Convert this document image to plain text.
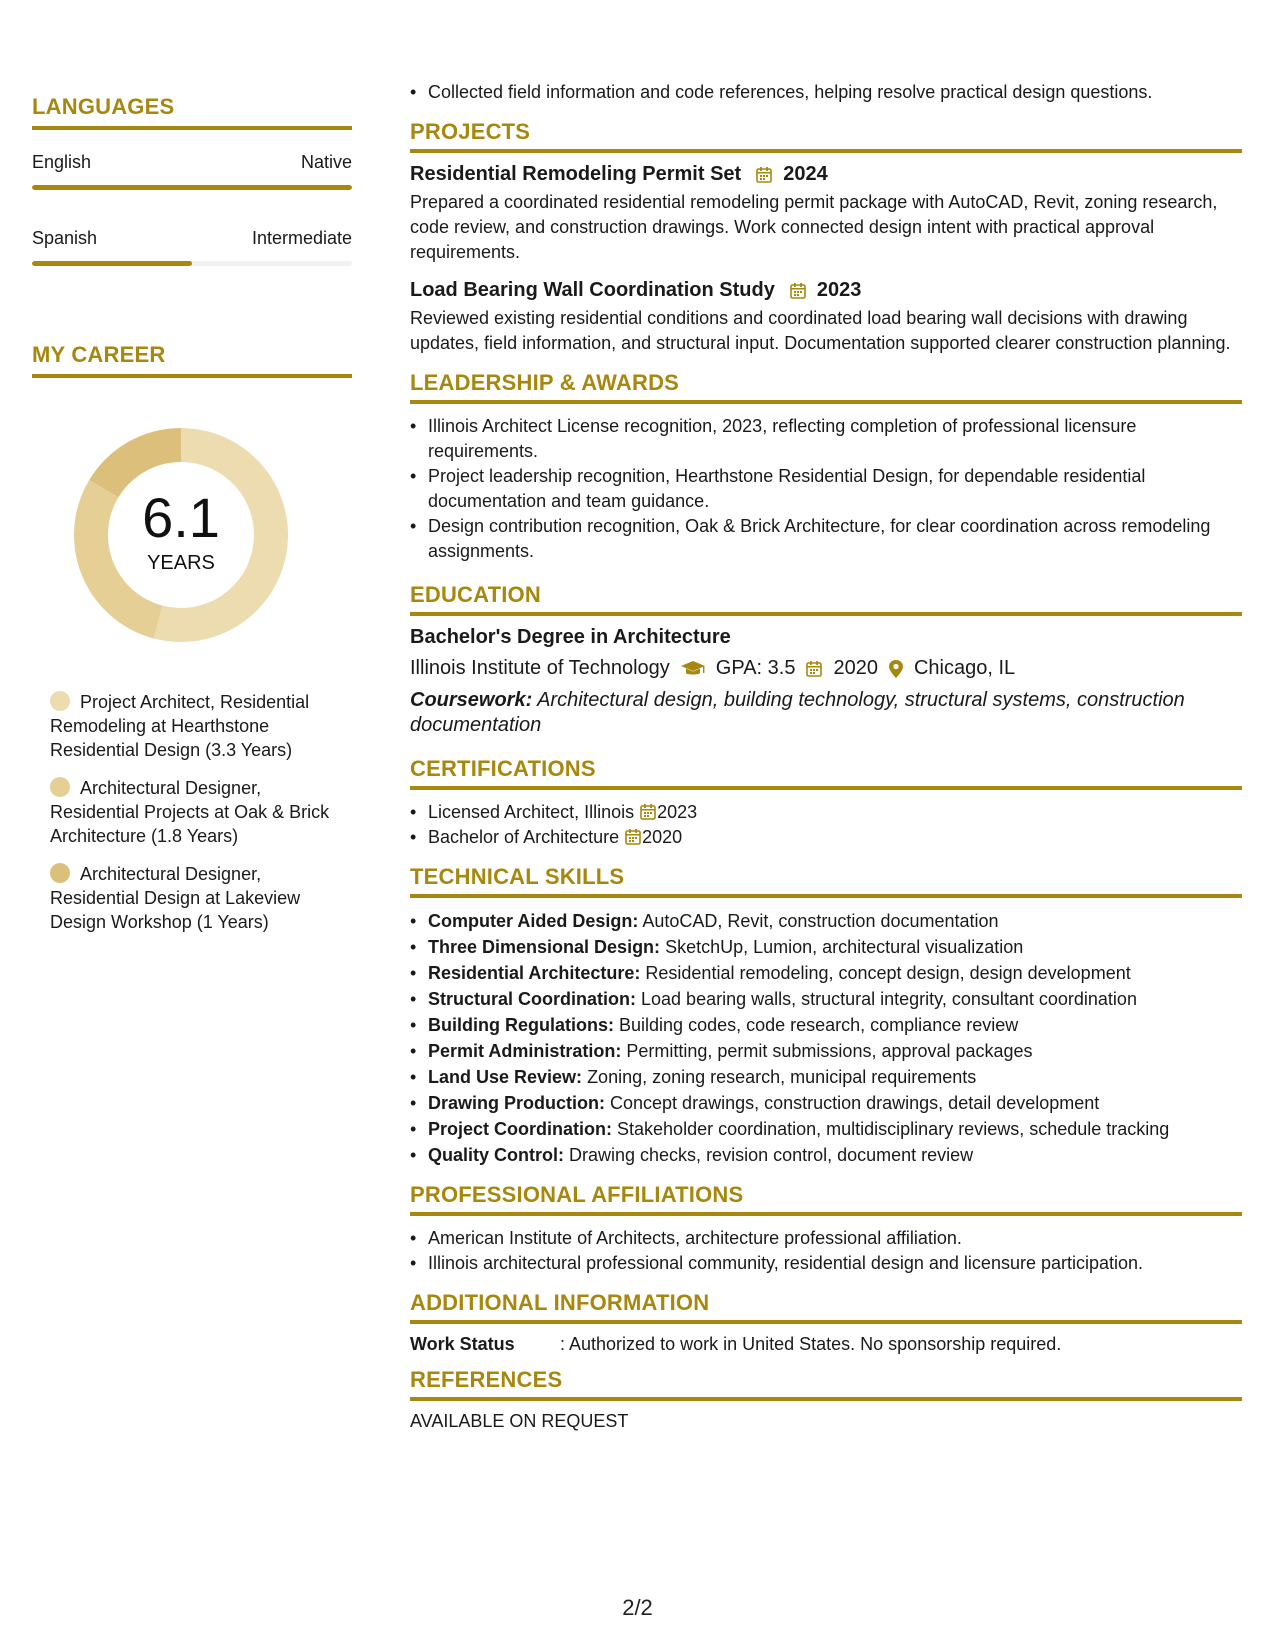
LANGUAGES
English	Native
Spanish	Intermediate
MY CAREER
6.1
YEARS
Project Architect, Residential Remodeling at Hearthstone Residential Design (3.3 Years)
Architectural Designer, Residential Projects at Oak & Brick Architecture (1.8 Years)
Architectural Designer, Residential Design at Lakeview Design Workshop (1 Years)
• Collected field information and code references, helping resolve practical design questions.
PROJECTS
Residential Remodeling Permit Set 2024
Prepared a coordinated residential remodeling permit package with AutoCAD, Revit, zoning research, code review, and construction drawings. Work connected design intent with practical approval requirements.
Load Bearing Wall Coordination Study 2023
Reviewed existing residential conditions and coordinated load bearing wall decisions with drawing updates, field information, and structural input. Documentation supported clearer construction planning.
LEADERSHIP & AWARDS
• Illinois Architect License recognition, 2023, reflecting completion of professional licensure requirements.
• Project leadership recognition, Hearthstone Residential Design, for dependable residential documentation and team guidance.
• Design contribution recognition, Oak & Brick Architecture, for clear coordination across remodeling assignments.
EDUCATION
Bachelor's Degree in Architecture
Illinois Institute of Technology GPA: 3.5 2020 Chicago, IL
Coursework: Architectural design, building technology, structural systems, construction documentation
CERTIFICATIONS
• Licensed Architect, Illinois 2023
• Bachelor of Architecture 2020
TECHNICAL SKILLS
• Computer Aided Design: AutoCAD, Revit, construction documentation
• Three Dimensional Design: SketchUp, Lumion, architectural visualization
• Residential Architecture: Residential remodeling, concept design, design development
• Structural Coordination: Load bearing walls, structural integrity, consultant coordination
• Building Regulations: Building codes, code research, compliance review
• Permit Administration: Permitting, permit submissions, approval packages
• Land Use Review: Zoning, zoning research, municipal requirements
• Drawing Production: Concept drawings, construction drawings, detail development
• Project Coordination: Stakeholder coordination, multidisciplinary reviews, schedule tracking
• Quality Control: Drawing checks, revision control, document review
PROFESSIONAL AFFILIATIONS
• American Institute of Architects, architecture professional affiliation.
• Illinois architectural professional community, residential design and licensure participation.
ADDITIONAL INFORMATION
Work Status	: Authorized to work in United States. No sponsorship required.
REFERENCES
AVAILABLE ON REQUEST
2/2
